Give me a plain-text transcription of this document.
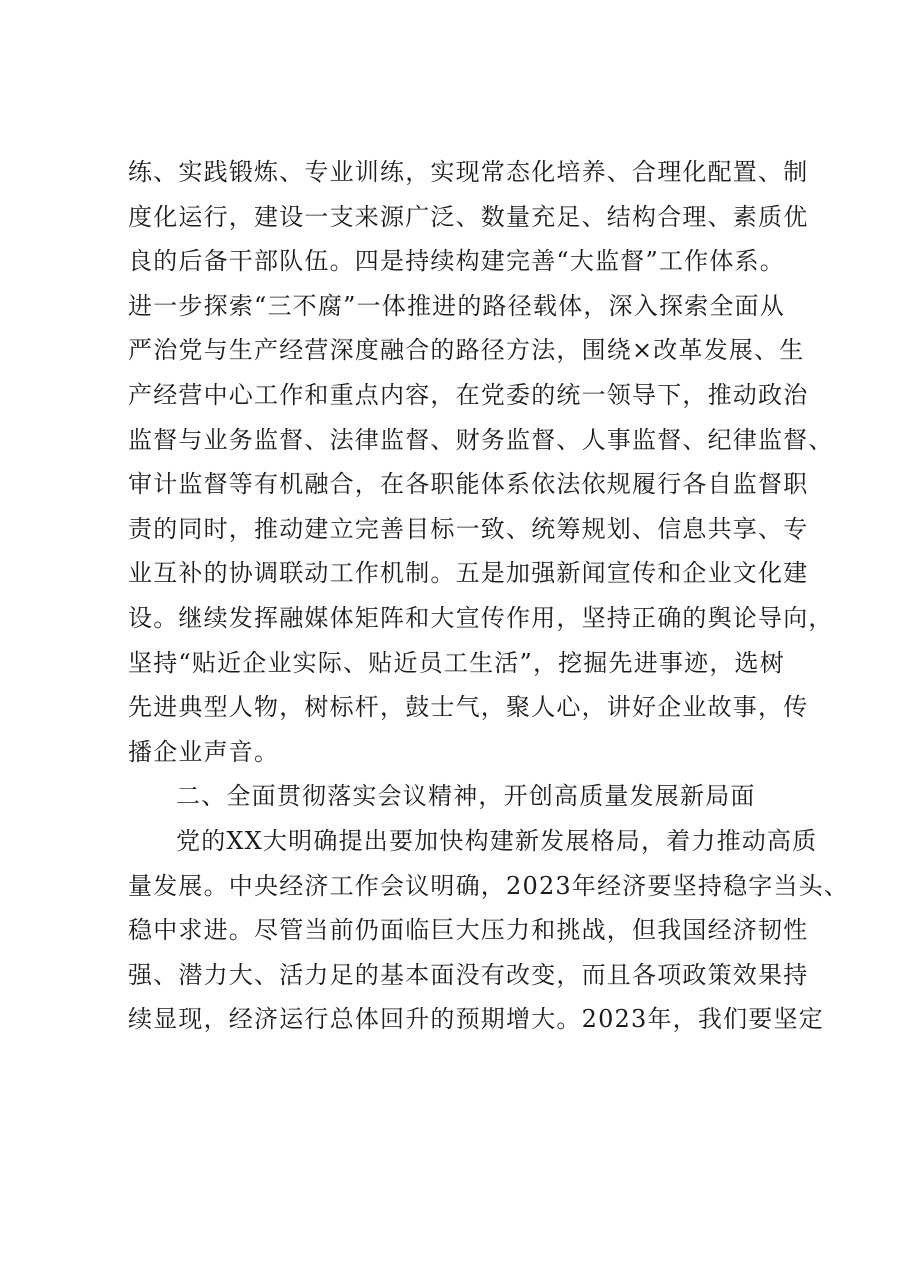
练、实践锻炼、专业训练，实现常态化培养、合理化配置、制
度化运行，建设一支来源广泛、数量充足、结构合理、素质优
良的后备干部队伍。四是持续构建完善“大监督”工作体系。
进一步探索“三不腐”一体推进的路径载体，深入探索全面从
严治党与生产经营深度融合的路径方法，围绕×改革发展、生
产经营中心工作和重点内容，在党委的统一领导下，推动政治
监督与业务监督、法律监督、财务监督、人事监督、纪律监督、
审计监督等有机融合，在各职能体系依法依规履行各自监督职
责的同时，推动建立完善目标一致、统筹规划、信息共享、专
业互补的协调联动工作机制。五是加强新闻宣传和企业文化建
设。继续发挥融媒体矩阵和大宣传作用，坚持正确的舆论导向，
坚持“贴近企业实际、贴近员工生活”，挖掘先进事迹，选树
先进典型人物，树标杆，鼓士气，聚人心，讲好企业故事，传
播企业声音。
二、全面贯彻落实会议精神，开创高质量发展新局面
党的XX大明确提出要加快构建新发展格局，着力推动高质
量发展。中央经济工作会议明确，2023年经济要坚持稳字当头、
稳中求进。尽管当前仍面临巨大压力和挑战，但我国经济韧性
强、潜力大、活力足的基本面没有改变，而且各项政策效果持
续显现，经济运行总体回升的预期增大。2023年，我们要坚定
